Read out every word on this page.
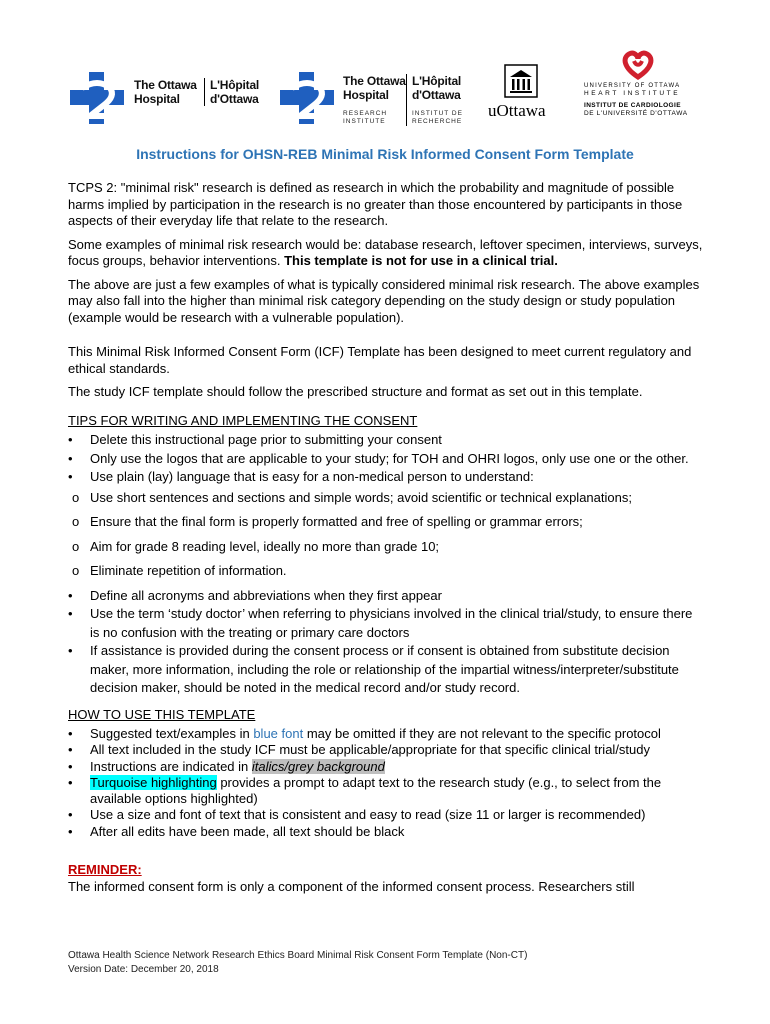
The Ottawa
Hospital
L'Hôpital
d'Ottawa
The Ottawa
Hospital
L'Hôpital
d'Ottawa
RESEARCH
INSTITUTE
INSTITUT DE
RECHERCHE
uOttawa
UNIVERSITY OF OTTAWA
HEART INSTITUTE
INSTITUT DE CARDIOLOGIE
DE L'UNIVERSITÉ D'OTTAWA
Instructions for OHSN-REB Minimal Risk Informed Consent Form Template

TCPS 2: "minimal risk" research is defined as research in which the probability and magnitude of possible harms implied by participation in the research is no greater than those encountered by participants in those aspects of their everyday life that relate to the research.

Some examples of minimal risk research would be: database research, leftover specimen, interviews, surveys, focus groups, behavior interventions. This template is not for use in a clinical trial.

The above are just a few examples of what is typically considered minimal risk research. The above examples may also fall into the higher than minimal risk category depending on the study design or study population (example would be research with a vulnerable population).

This Minimal Risk Informed Consent Form (ICF) Template has been designed to meet current regulatory and ethical standards.

The study ICF template should follow the prescribed structure and format as set out in this template.

TIPS FOR WRITING AND IMPLEMENTING THE CONSENT
•	Delete this instructional page prior to submitting your consent
•	Only use the logos that are applicable to your study; for TOH and OHRI logos, only use one or the other.
•	Use plain (lay) language that is easy for a non-medical person to understand:
o Use short sentences and sections and simple words; avoid scientific or technical explanations;
o Ensure that the final form is properly formatted and free of spelling or grammar errors;
o Aim for grade 8 reading level, ideally no more than grade 10;
o Eliminate repetition of information.
•	Define all acronyms and abbreviations when they first appear
•	Use the term ‘study doctor’ when referring to physicians involved in the clinical trial/study, to ensure there is no confusion with the treating or primary care doctors
•	If assistance is provided during the consent process or if consent is obtained from substitute decision maker, more information, including the role or relationship of the impartial witness/interpreter/substitute decision maker, should be noted in the medical record and/or study record.
HOW TO USE THIS TEMPLATE
•	Suggested text/examples in blue font may be omitted if they are not relevant to the specific protocol
•	All text included in the study ICF must be applicable/appropriate for that specific clinical trial/study
•	Instructions are indicated in italics/grey background
•	Turquoise highlighting provides a prompt to adapt text to the research study (e.g., to select from the available options highlighted)
•	Use a size and font of text that is consistent and easy to read (size 11 or larger is recommended)
•	After all edits have been made, all text should be black
REMINDER:
The informed consent form is only a component of the informed consent process. Researchers still
Ottawa Health Science Network Research Ethics Board Minimal Risk Consent Form Template (Non-CT)
Version Date: December 20, 2018
